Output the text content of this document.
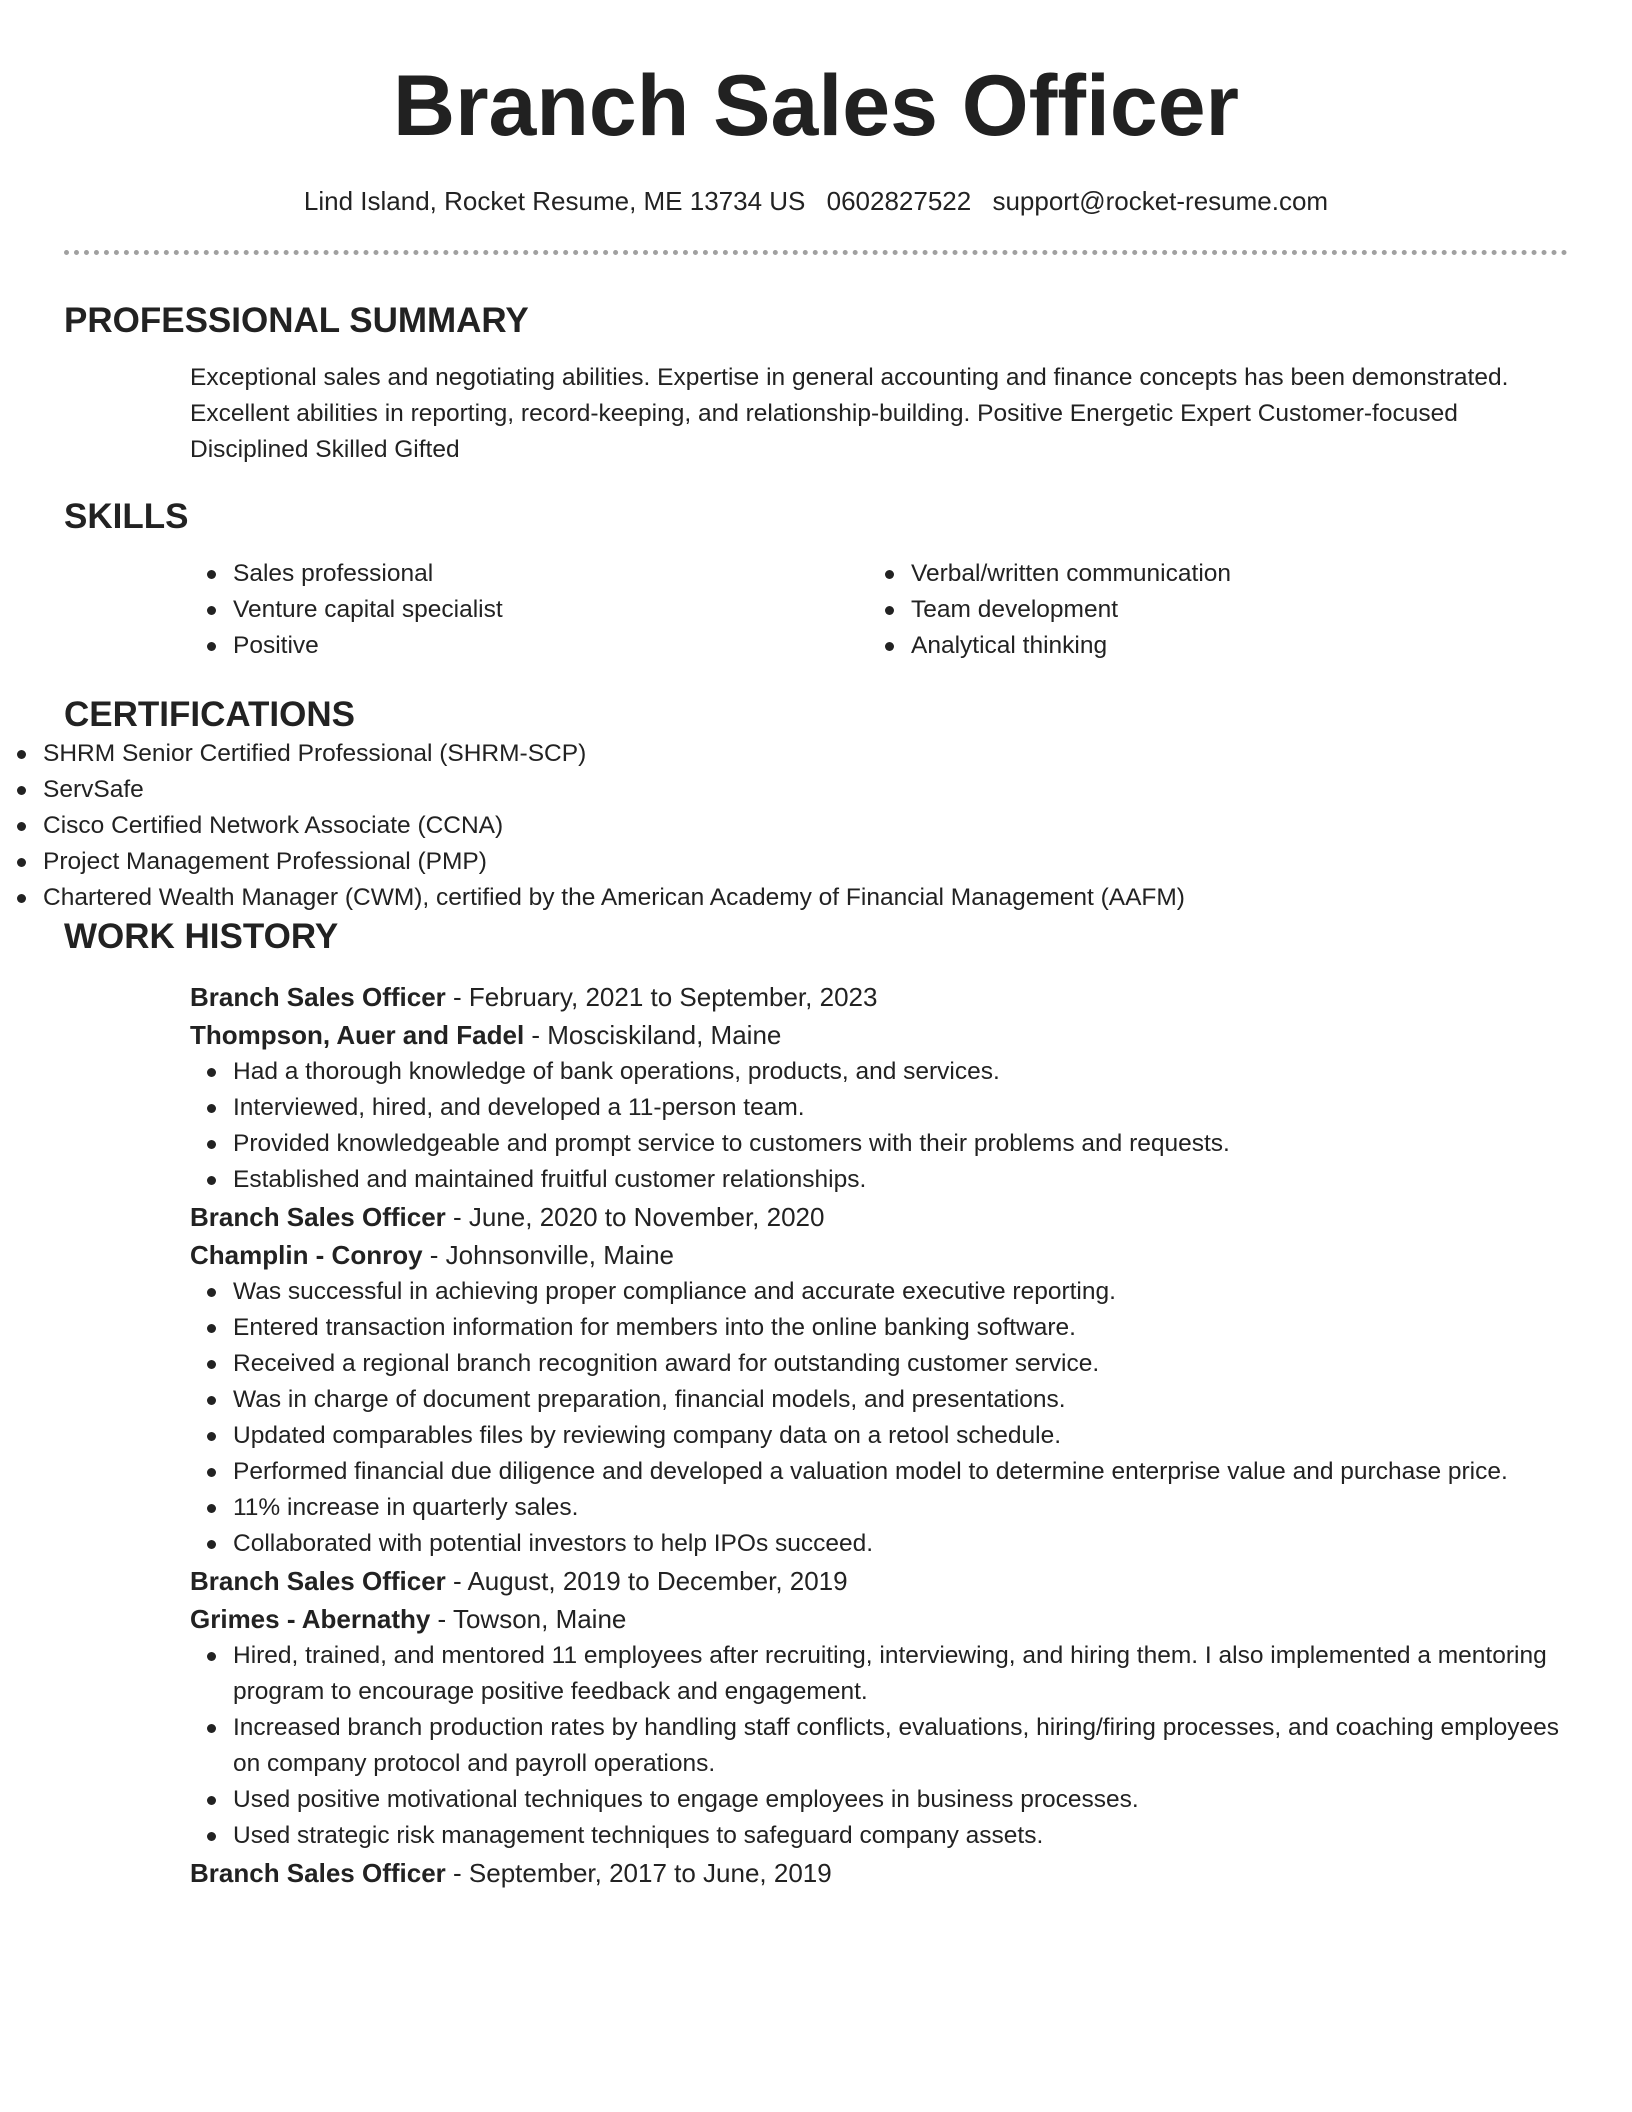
Branch Sales Officer
Lind Island, Rocket Resume, ME 13734 US 0602827522 support@rocket-resume.com
PROFESSIONAL SUMMARY
Exceptional sales and negotiating abilities. Expertise in general accounting and finance concepts has been demonstrated. Excellent abilities in reporting, record-keeping, and relationship-building. Positive Energetic Expert Customer-focused Disciplined Skilled Gifted
SKILLS
Sales professional
Venture capital specialist
Positive
Verbal/written communication
Team development
Analytical thinking
CERTIFICATIONS
SHRM Senior Certified Professional (SHRM-SCP)
ServSafe
Cisco Certified Network Associate (CCNA)
Project Management Professional (PMP)
Chartered Wealth Manager (CWM), certified by the American Academy of Financial Management (AAFM)
WORK HISTORY
Branch Sales Officer - February, 2021 to September, 2023
Thompson, Auer and Fadel - Mosciskiland, Maine
Had a thorough knowledge of bank operations, products, and services.
Interviewed, hired, and developed a 11-person team.
Provided knowledgeable and prompt service to customers with their problems and requests.
Established and maintained fruitful customer relationships.
Branch Sales Officer - June, 2020 to November, 2020
Champlin - Conroy - Johnsonville, Maine
Was successful in achieving proper compliance and accurate executive reporting.
Entered transaction information for members into the online banking software.
Received a regional branch recognition award for outstanding customer service.
Was in charge of document preparation, financial models, and presentations.
Updated comparables files by reviewing company data on a retool schedule.
Performed financial due diligence and developed a valuation model to determine enterprise value and purchase price.
11% increase in quarterly sales.
Collaborated with potential investors to help IPOs succeed.
Branch Sales Officer - August, 2019 to December, 2019
Grimes - Abernathy - Towson, Maine
Hired, trained, and mentored 11 employees after recruiting, interviewing, and hiring them. I also implemented a mentoring program to encourage positive feedback and engagement.
Increased branch production rates by handling staff conflicts, evaluations, hiring/firing processes, and coaching employees on company protocol and payroll operations.
Used positive motivational techniques to engage employees in business processes.
Used strategic risk management techniques to safeguard company assets.
Branch Sales Officer - September, 2017 to June, 2019
